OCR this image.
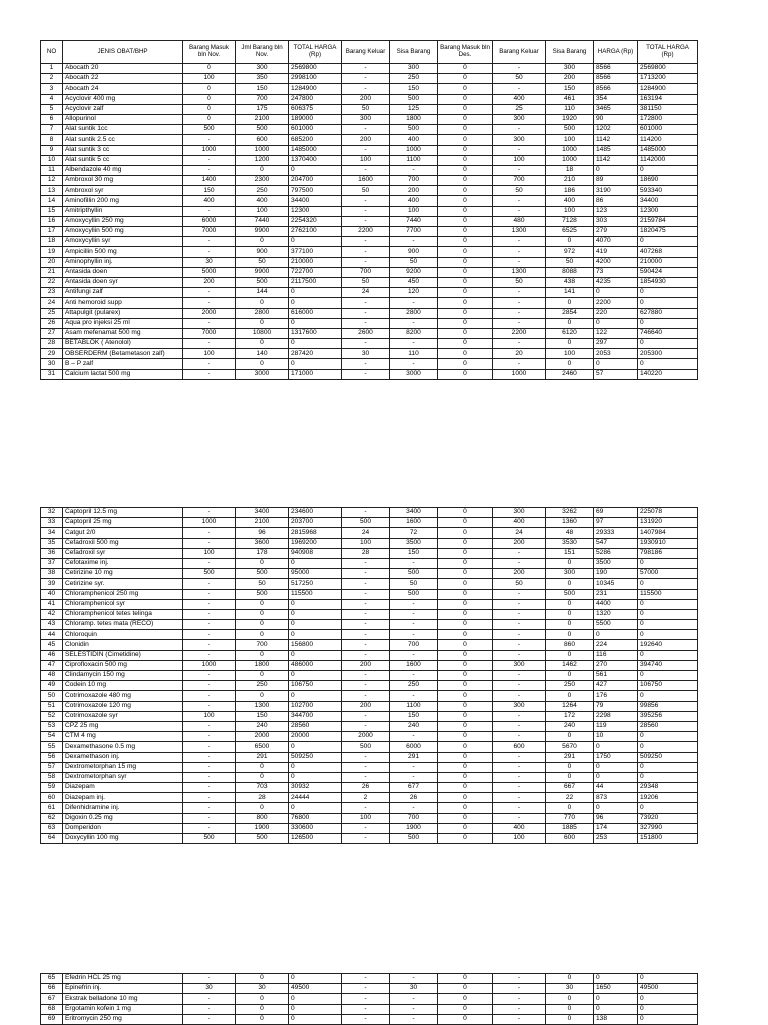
NO	JENIS OBAT/BHP	Barang Masuk bln Nov.	Jml Barang bln Nov.	TOTAL HARGA (Rp)	Barang Keluar	Sisa Barang	Barang Masuk bln Des.	Barang Keluar	Sisa Barang	HARGA (Rp)	TOTAL HARGA (Rp)
1	Abocath 20	0	300	2569800	-	300	0	-	300	8566	2569800
2	Abocath 22	100	350	2998100	-	250	0	50	200	8566	1713200
3	Abocath 24	0	150	1284900	-	150	0	-	150	8566	1284900
4	Acyclovir 400 mg	0	700	247800	200	500	0	400	461	354	163194
5	Acyclovir zalf	0	175	606375	50	125	0	25	110	3465	381150
6	Allopurinol	0	2100	189000	300	1800	0	300	1920	90	172800
7	Alat suntik 1cc	500	500	601000	-	500	0	-	500	1202	601000
8	Alat suntik 2.5 cc	-	600	685200	200	400	0	300	100	1142	114200
9	Alat suntik 3 cc	1000	1000	1485000	-	1000	0	-	1000	1485	1485000
10	Alat suntik 5 cc	-	1200	1370400	100	1100	0	100	1000	1142	1142000
11	Albendazole 40 mg	-	0	0	-	-	0	-	18	0	0
12	Ambroxol 30 mg	1400	2300	204700	1600	700	0	700	210	89	18690
13	Ambroxol syr	150	250	797500	50	200	0	50	186	3190	593340
14	Aminofillin 200 mg	400	400	34400	-	400	0	-	400	86	34400
15	Amitripthyllin	-	100	12300	-	100	0	-	100	123	12300
16	Amoxycyllin 250 mg	6000	7440	2254320	-	7440	0	480	7128	303	2159784
17	Amoxycyllin 500 mg	7000	9900	2762100	2200	7700	0	1300	6525	279	1820475
18	Amoxycyllin syr	-	0	0	-	-	0	-	0	4070	0
19	Ampicillin 500 mg	-	900	377100	-	900	0	-	972	419	407268
20	Aminophyllin inj.	30	50	210000	-	50	0	-	50	4200	210000
21	Antasida doen	5000	9900	722700	700	9200	0	1300	8088	73	590424
22	Antasida doen syr	200	500	2117500	50	450	0	50	438	4235	1854930
23	Antifungi zalf	-	144	0	24	120	0	-	141	0	0
24	Anti hemoroid supp	-	0	0	-	-	0	-	0	2200	0
25	Attapulgit (pularex)	2000	2800	616000	-	2800	0	-	2854	220	627880
26	Aqua pro injeksi 25 ml	-	0	0	-	-	0	-	0	0	0
27	Asam mefenamat 500 mg	7000	10800	1317600	2600	8200	0	2200	6120	122	746640
28	BETABLOK ( Atenolol)	-	0	0	-	-	0	-	0	297	0
29	OBSERDERM (Betametason zalf)	100	140	287420	30	110	0	20	100	2053	205300
30	B – P zalf	-	0	0	-	-	0	-	0	0	0
31	Calcium lactat 500 mg	-	3000	171000	-	3000	0	1000	2460	57	140220
32	Captopril 12.5 mg	-	3400	234600	-	3400	0	300	3262	69	225078
33	Captopril 25 mg	1000	2100	203700	500	1600	0	400	1360	97	131920
34	Catgut 2/0	-	96	2815968	24	72	0	24	48	29333	1407984
35	Cefadroxil 500 mg	-	3600	1969200	100	3500	0	200	3530	547	1930910
36	Cefadroxil syr	100	178	940908	28	150	0	-	151	5286	798186
37	Cefotaxime inj.	-	0	0	-	-	0	-	0	3500	0
38	Cetirizine 10 mg	500	500	95000	-	500	0	200	300	190	57000
39	Cetirizine syr.	-	50	517250	-	50	0	50	0	10345	0
40	Chloramphenicol 250 mg	-	500	115500	-	500	0	-	500	231	115500
41	Chloramphenicol syr	-	0	0	-	-	0	-	0	4400	0
42	Chloramphenicol tetes telinga	-	0	0	-	-	0	-	0	1320	0
43	Chloramp. tetes mata (RECO)	-	0	0	-	-	0	-	0	5500	0
44	Chloroquin	-	0	0	-	-	0	-	0	0	0
45	Clonidin	-	700	156800	-	700	0	-	860	224	192640
46	SELESTIDIN (Cimetidine)	-	0	0	-	-	0	-	0	116	0
47	Ciprofloxacin 500 mg	1000	1800	486000	200	1600	0	300	1462	270	394740
48	Clindamycin 150 mg	-	0	0	-	-	0	-	0	561	0
49	Codein 10 mg	-	250	106750	-	250	0	-	250	427	106750
50	Cotrimoxazole 480 mg	-	0	0	-	-	0	-	0	176	0
51	Cotrimoxazole 120 mg	-	1300	102700	200	1100	0	300	1264	79	99856
52	Cotrimoxazole syr	100	150	344700	-	150	0	-	172	2298	395256
53	CPZ 25 mg	-	240	28560	-	240	0	-	240	119	28560
54	CTM 4 mg	-	2000	20000	2000	-	0	-	0	10	0
55	Dexamethasone 0.5 mg	-	6500	0	500	6000	0	600	5670	0	0
56	Dexamethason inj.	-	291	509250	-	291	0	-	291	1750	509250
57	Dextrometorphan 15 mg	-	0	0	-	-	0	-	0	0	0
58	Dextrometorphan syr	-	0	0	-	-	0	-	0	0	0
59	Diazepam	-	703	30932	26	677	0	-	667	44	29348
60	Diazepam inj.	-	28	24444	2	26	0	-	22	873	19206
61	Difenhidramine inj.	-	0	0	-	-	0	-	0	0	0
62	Digoxin 0.25 mg	-	800	76800	100	700	0	-	770	96	73920
63	Domperidon	-	1900	330600	-	1900	0	400	1885	174	327990
64	Doxycyllin 100 mg	500	500	126500	-	500	0	100	600	253	151800
65	Efedrin HCL 25 mg	-	0	0	-	-	0	-	0	0	0
66	Epinefrin inj.	30	30	49500	-	30	0	-	30	1650	49500
67	Ekstrak belladone 10 mg	-	0	0	-	-	0	-	0	0	0
68	Ergotamin kofein 1 mg	-	0	0	-	-	0	-	0	0	0
69	Eritromycin 250 mg	-	0	0	-	-	0	-	0	138	0
